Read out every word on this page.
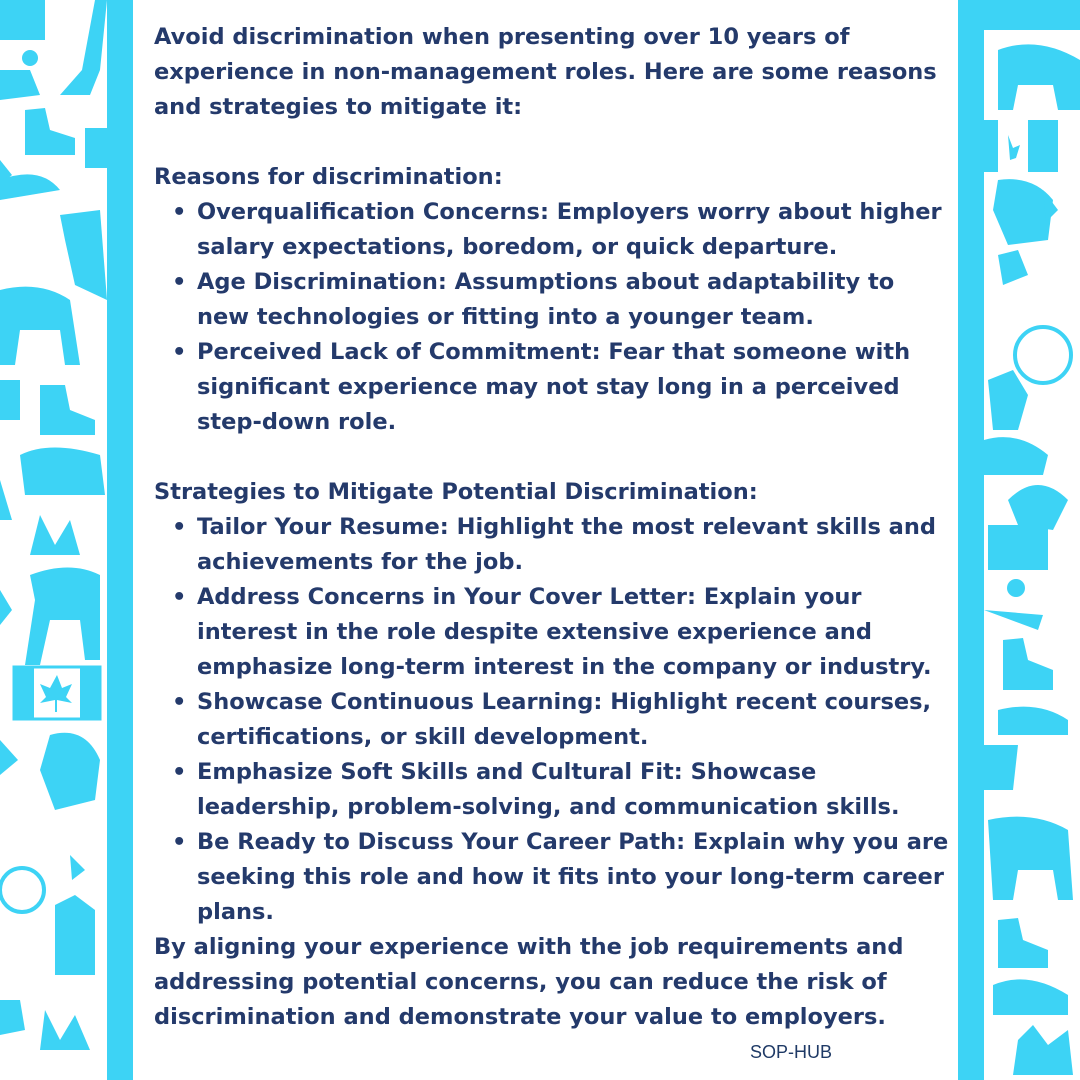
Avoid discrimination when presenting over 10 years of experience in non-management roles. Here are some reasons and strategies to mitigate it:

Reasons for discrimination:

• Overqualification Concerns: Employers worry about higher salary expectations, boredom, or quick departure.
• Age Discrimination: Assumptions about adaptability to new technologies or fitting into a younger team.
• Perceived Lack of Commitment: Fear that someone with significant experience may not stay long in a perceived step-down role.

Strategies to Mitigate Potential Discrimination:

• Tailor Your Resume: Highlight the most relevant skills and achievements for the job.
• Address Concerns in Your Cover Letter: Explain your interest in the role despite extensive experience and emphasize long-term interest in the company or industry.
• Showcase Continuous Learning: Highlight recent courses, certifications, or skill development.
• Emphasize Soft Skills and Cultural Fit: Showcase leadership, problem-solving, and communication skills.
• Be Ready to Discuss Your Career Path: Explain why you are seeking this role and how it fits into your long-term career plans.

By aligning your experience with the job requirements and addressing potential concerns, you can reduce the risk of discrimination and demonstrate your value to employers.

SOP-HUB
